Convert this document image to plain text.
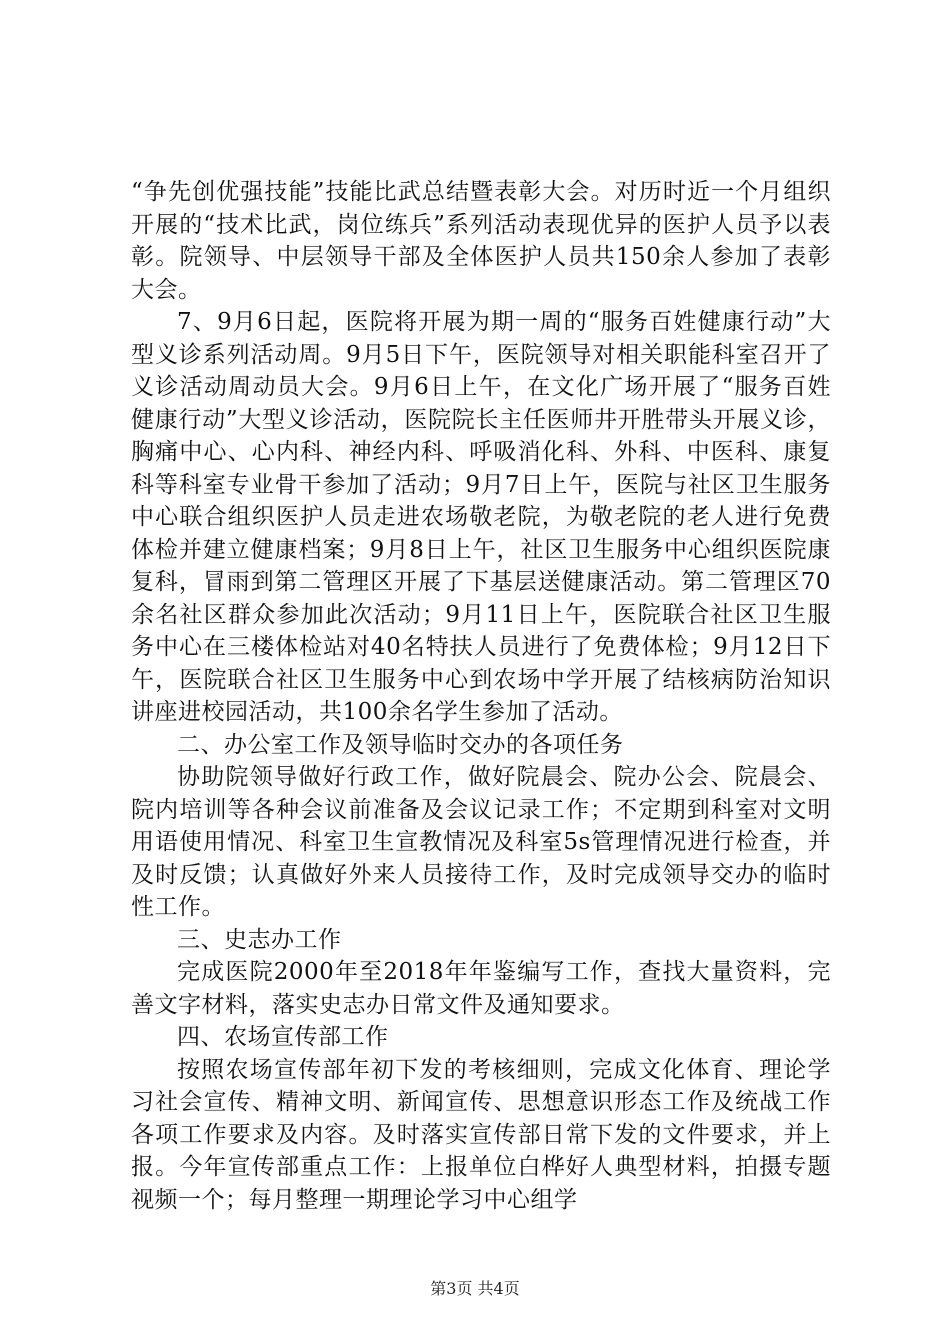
“争先创优强技能”技能比武总结暨表彰大会。对历时近一个月组织开展的“技术比武，岗位练兵”系列活动表现优异的医护人员予以表彰。院领导、中层领导干部及全体医护人员共150余人参加了表彰大会。

7、9月6日起，医院将开展为期一周的“服务百姓健康行动”大型义诊系列活动周。9月5日下午，医院领导对相关职能科室召开了义诊活动周动员大会。9月6日上午，在文化广场开展了“服务百姓健康行动”大型义诊活动，医院院长主任医师井开胜带头开展义诊，胸痛中心、心内科、神经内科、呼吸消化科、外科、中医科、康复科等科室专业骨干参加了活动；9月7日上午，医院与社区卫生服务中心联合组织医护人员走进农场敬老院，为敬老院的老人进行免费体检并建立健康档案；9月8日上午，社区卫生服务中心组织医院康复科，冒雨到第二管理区开展了下基层送健康活动。第二管理区70余名社区群众参加此次活动；9月11日上午，医院联合社区卫生服务中心在三楼体检站对40名特扶人员进行了免费体检；9月12日下午，医院联合社区卫生服务中心到农场中学开展了结核病防治知识讲座进校园活动，共100余名学生参加了活动。

二、办公室工作及领导临时交办的各项任务

协助院领导做好行政工作，做好院晨会、院办公会、院晨会、院内培训等各种会议前准备及会议记录工作；不定期到科室对文明用语使用情况、科室卫生宣教情况及科室5s管理情况进行检查，并及时反馈；认真做好外来人员接待工作，及时完成领导交办的临时性工作。

三、史志办工作

完成医院2000年至2018年年鉴编写工作，查找大量资料，完善文字材料，落实史志办日常文件及通知要求。

四、农场宣传部工作

按照农场宣传部年初下发的考核细则，完成文化体育、理论学习社会宣传、精神文明、新闻宣传、思想意识形态工作及统战工作各项工作要求及内容。及时落实宣传部日常下发的文件要求，并上报。今年宣传部重点工作：上报单位白桦好人典型材料，拍摄专题视频一个；每月整理一期理论学习中心组学

第3页 共4页
